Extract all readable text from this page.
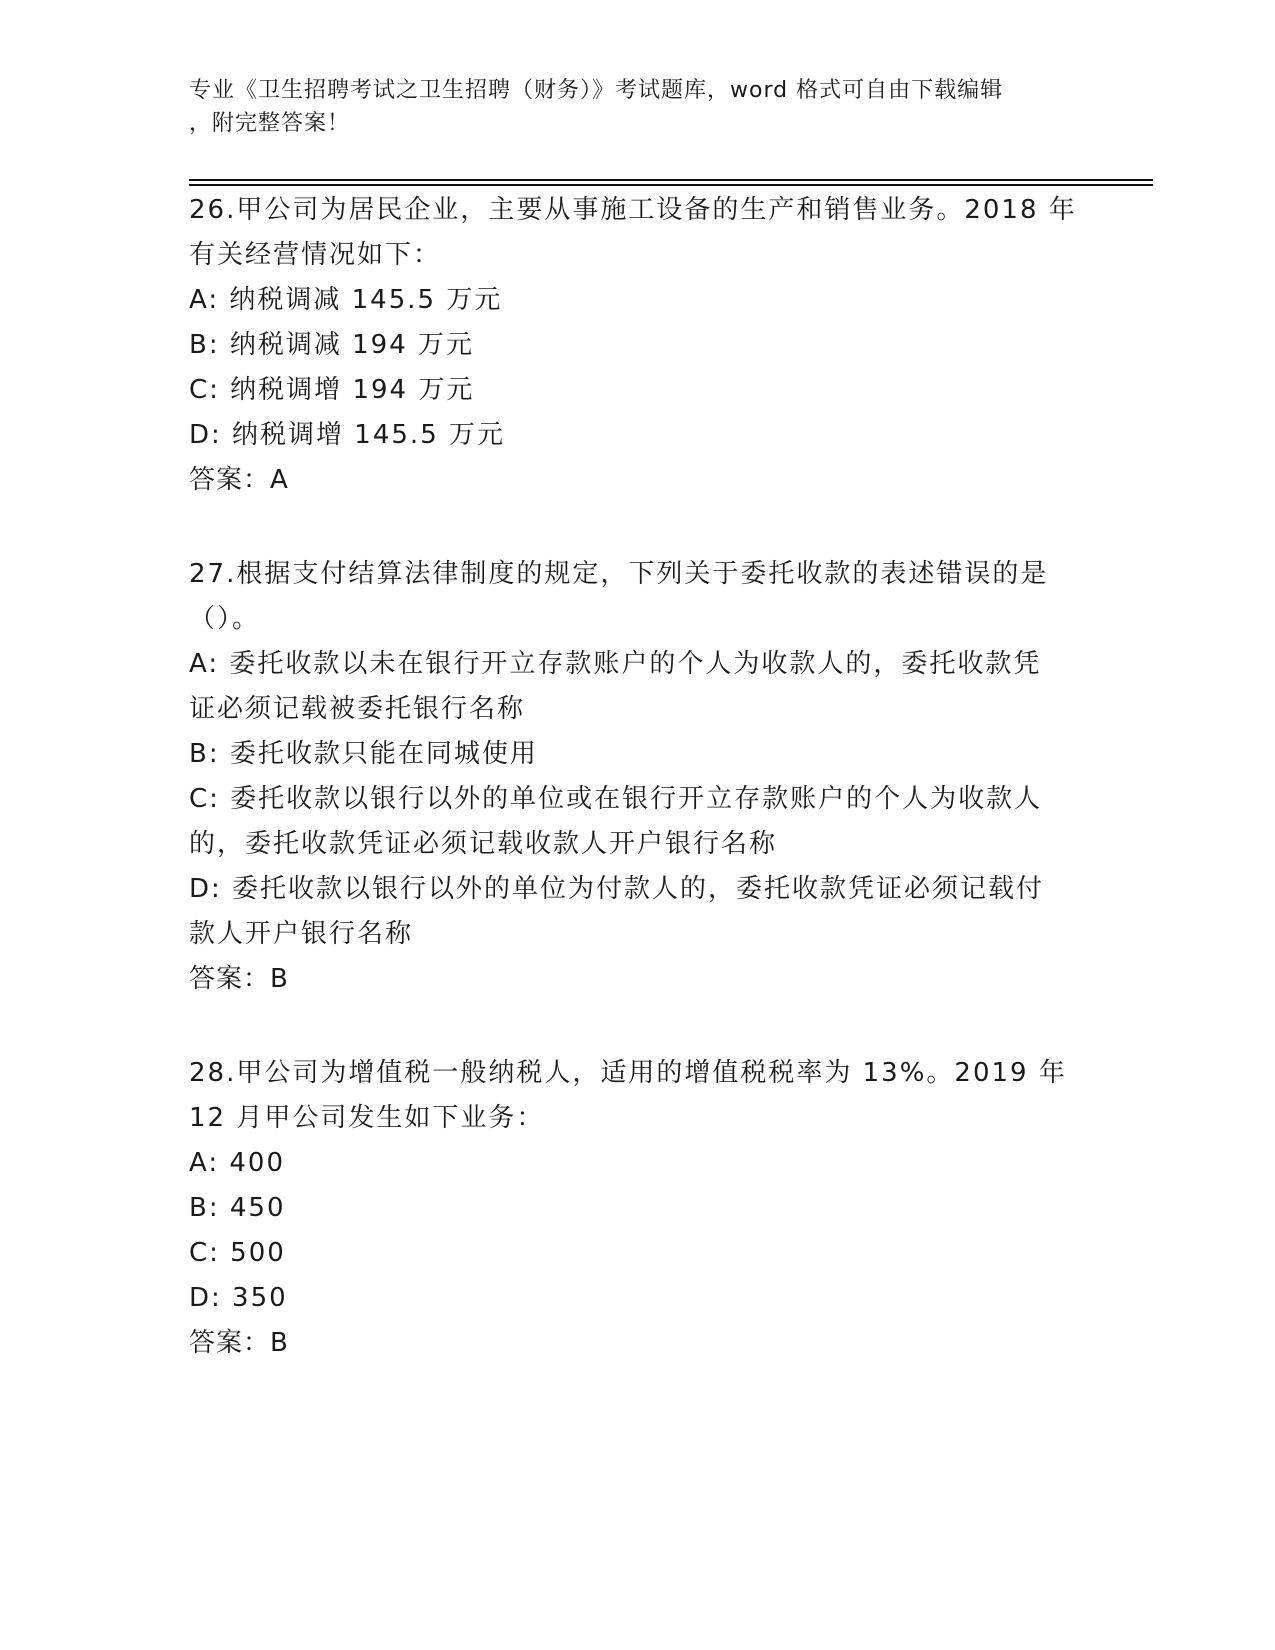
专业《卫生招聘考试之卫生招聘（财务）》考试题库，word 格式可自由下载编辑
，附完整答案！
26.甲公司为居民企业，主要从事施工设备的生产和销售业务。2018 年
有关经营情况如下：
A: 纳税调减 145.5 万元
B: 纳税调减 194 万元
C: 纳税调增 194 万元
D: 纳税调增 145.5 万元
答案：A
27.根据支付结算法律制度的规定，下列关于委托收款的表述错误的是
（）。
A: 委托收款以未在银行开立存款账户的个人为收款人的，委托收款凭
证必须记载被委托银行名称
B: 委托收款只能在同城使用
C: 委托收款以银行以外的单位或在银行开立存款账户的个人为收款人
的，委托收款凭证必须记载收款人开户银行名称
D: 委托收款以银行以外的单位为付款人的，委托收款凭证必须记载付
款人开户银行名称
答案：B
28.甲公司为增值税一般纳税人，适用的增值税税率为 13%。2019 年
12 月甲公司发生如下业务：
A: 400
B: 450
C: 500
D: 350
答案：B
